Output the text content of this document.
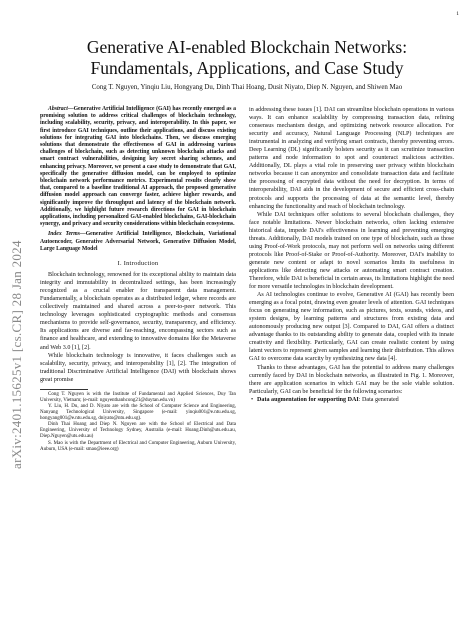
1
arXiv:2401.15625v1 [cs.CR] 28 Jan 2024
Generative AI-enabled Blockchain Networks:
Fundamentals, Applications, and Case Study
Cong T. Nguyen, Yinqiu Liu, Hongyang Du, Dinh Thai Hoang, Dusit Niyato, Diep N. Nguyen, and Shiwen Mao

Abstract—Generative Artificial Intelligence (GAI) has recently emerged as a promising solution to address critical challenges of blockchain technology, including scalability, security, privacy, and interoperability. In this paper, we first introduce GAI techniques, outline their applications, and discuss existing solutions for integrating GAI into blockchains. Then, we discuss emerging solutions that demonstrate the effectiveness of GAI in addressing various challenges of blockchain, such as detecting unknown blockchain attacks and smart contract vulnerabilities, designing key secret sharing schemes, and enhancing privacy. Moreover, we present a case study to demonstrate that GAI, specifically the generative diffusion model, can be employed to optimize blockchain network performance metrics. Experimental results clearly show that, compared to a baseline traditional AI approach, the proposed generative diffusion model approach can converge faster, achieve higher rewards, and significantly improve the throughput and latency of the blockchain network. Additionally, we highlight future research directions for GAI in blockchain applications, including personalized GAI-enabled blockchains, GAI-blockchain synergy, and privacy and security considerations within blockchain ecosystems.

Index Terms—Generative Artificial Intelligence, Blockchain, Variational Autoencoder, Generative Adversarial Network, Generative Diffusion Model, Large Language Model

I. Introduction

Blockchain technology, renowned for its exceptional ability to maintain data integrity and immutability in decentralized settings, has been increasingly recognized as a crucial enabler for transparent data management. Fundamentally, a blockchain operates as a distributed ledger, where records are collectively maintained and shared across a peer-to-peer network. This technology leverages sophisticated cryptographic methods and consensus mechanisms to provide self-governance, security, transparency, and efficiency. Its applications are diverse and far-reaching, encompassing sectors such as finance and healthcare, and extending to innovative domains like the Metaverse and Web 3.0 [1], [2].

While blockchain technology is innovative, it faces challenges such as scalability, security, privacy, and interoperability [1], [2]. The integration of traditional Discriminative Artificial Intelligence (DAI) with blockchain shows great promise

Cong T. Nguyen is with the Institute of Fundamental and Applied Sciences, Duy Tan University, Vietnam; (e-mail: nguyenthanhcong21@duytan.edu.vn)

Y. Liu, H. Du, and D. Niyato are with the School of Computer Science and Engineering, Nanyang Technological University, Singapore (e-mail: yinqiu001@e.ntu.edu.sg, hongyang001@e.ntu.edu.sg, dniyato@ntu.edu.sg).

Dinh Thai Hoang and Diep N. Nguyen are with the School of Electrical and Data Engineering, University of Technology Sydney, Australia (e-mail: Hoang.Dinh@uts.edu.au, Diep.Nguyen@uts.edu.au)

S. Mao is with the Department of Electrical and Computer Engineering, Auburn University, Auburn, USA (e-mail: smao@ieee.org)

in addressing these issues [1]. DAI can streamline blockchain operations in various ways. It can enhance scalability by compressing transaction data, refining consensus mechanism design, and optimizing network resource allocation. For security and accuracy, Natural Language Processing (NLP) techniques are instrumental in analyzing and verifying smart contracts, thereby preventing errors. Deep Learning (DL) significantly bolsters security as it can scrutinize transaction patterns and node information to spot and counteract malicious activities. Additionally, DL plays a vital role in preserving user privacy within blockchain networks because it can anonymize and consolidate transaction data and facilitate the processing of encrypted data without the need for decryption. In terms of interoperability, DAI aids in the development of secure and efficient cross-chain protocols and supports the processing of data at the semantic level, thereby enhancing the functionality and reach of blockchain technology.

While DAI techniques offer solutions to several blockchain challenges, they face notable limitations. Newer blockchain networks, often lacking extensive historical data, impede DAI's effectiveness in learning and preventing emerging threats. Additionally, DAI models trained on one type of blockchain, such as those using Proof-of-Work protocols, may not perform well on networks using different protocols like Proof-of-Stake or Proof-of-Authority. Moreover, DAI's inability to generate new content or adapt to novel scenarios limits its usefulness in applications like detecting new attacks or automating smart contract creation. Therefore, while DAI is beneficial in certain areas, its limitations highlight the need for more versatile technologies in blockchain development.

As AI technologies continue to evolve, Generative AI (GAI) has recently been emerging as a focal point, drawing even greater levels of attention. GAI techniques focus on generating new information, such as pictures, texts, sounds, videos, and system designs, by learning patterns and structures from existing data and autonomously producing new output [3]. Compared to DAI, GAI offers a distinct advantage thanks to its outstanding ability to generate data, coupled with its innate creativity and flexibility. Particularly, GAI can create realistic content by using latent vectors to represent given samples and learning their distribution. This allows GAI to overcome data scarcity by synthesizing new data [4].

Thanks to these advantages, GAI has the potential to address many challenges currently faced by DAI in blockchain networks, as illustrated in Fig. 1. Moreover, there are application scenarios in which GAI may be the sole viable solution. Particularly, GAI can be beneficial for the following scenarios:

• Data augmentation for supporting DAI: Data generated
